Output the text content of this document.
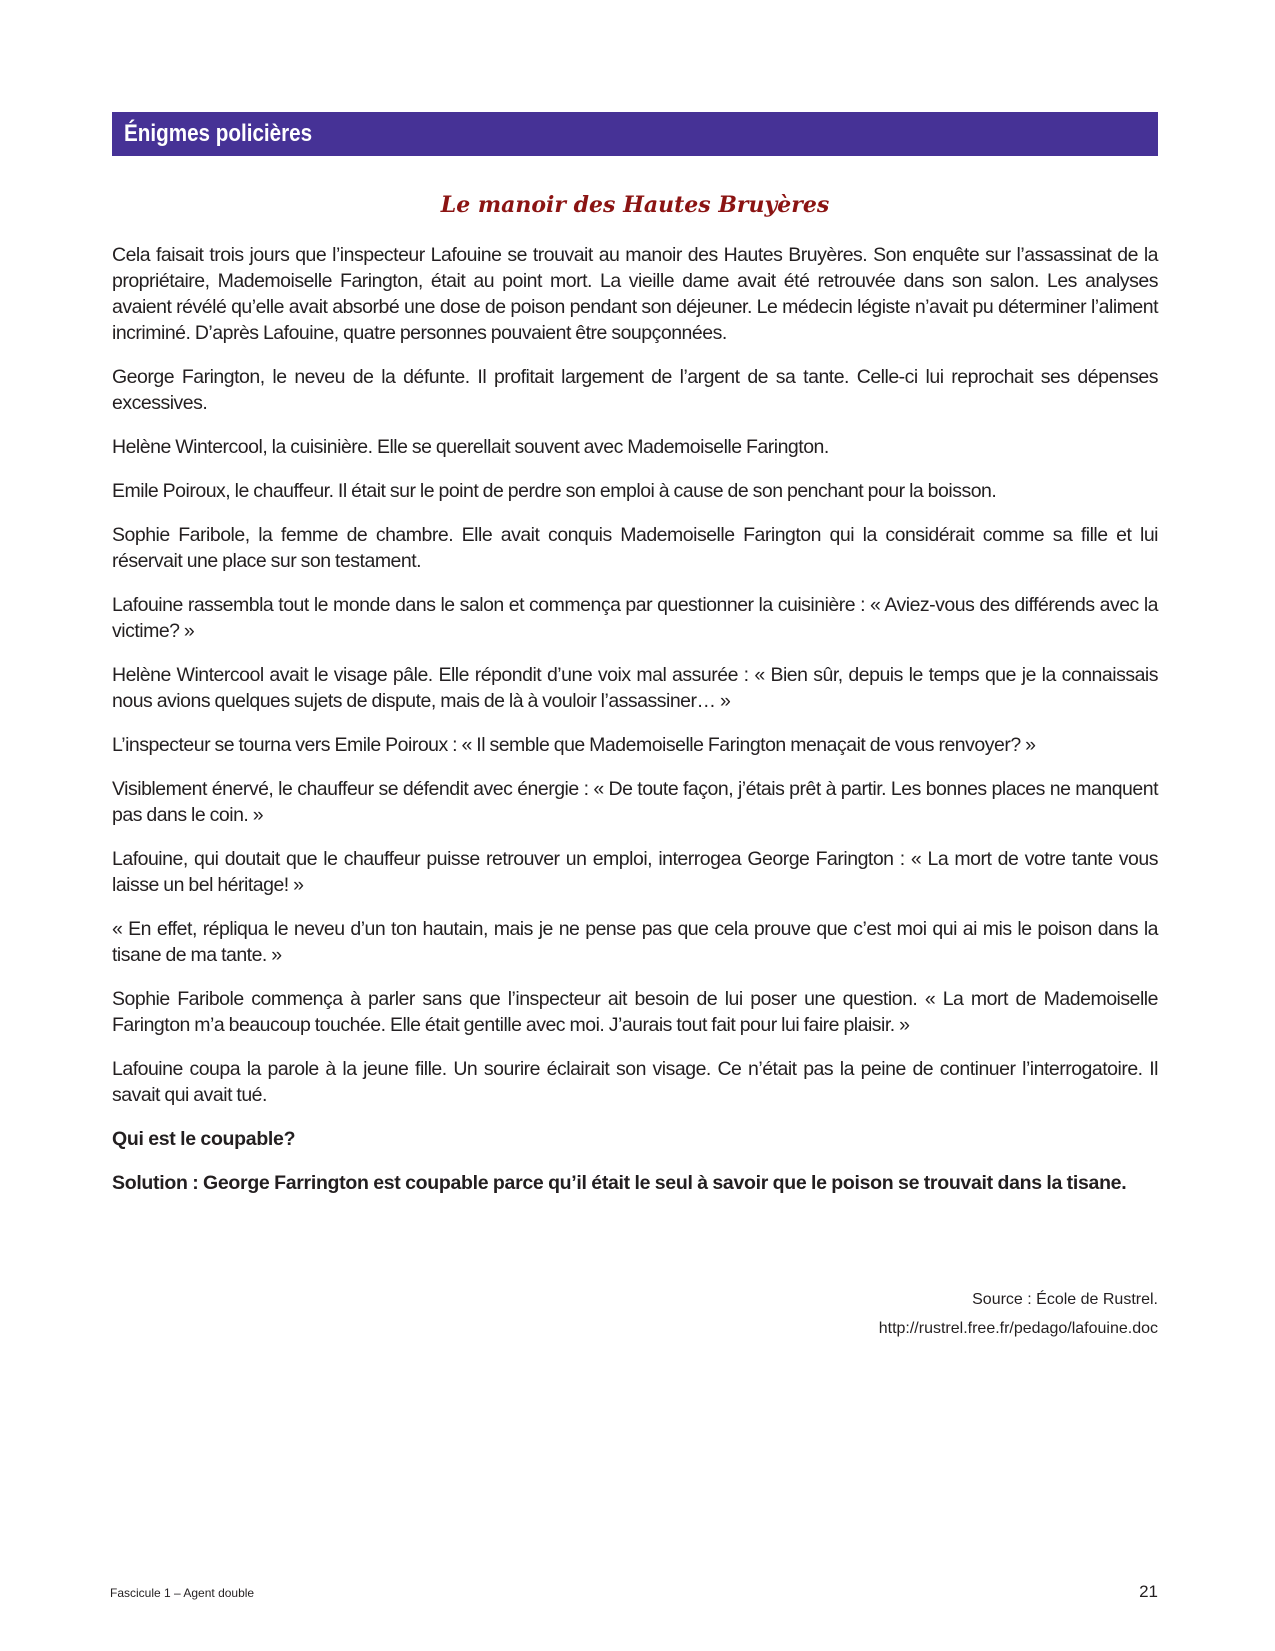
Énigmes policières
Le manoir des Hautes Bruyères

Cela faisait trois jours que l’inspecteur Lafouine se trouvait au manoir des Hautes Bruyères. Son enquête sur l’assassinat de la propriétaire, Mademoiselle Farington, était au point mort. La vieille dame avait été retrouvée dans son salon. Les analyses avaient révélé qu’elle avait absorbé une dose de poison pendant son déjeuner. Le médecin légiste n’avait pu déterminer l’aliment incriminé. D’après Lafouine, quatre personnes pouvaient être soupçonnées.

George Farington, le neveu de la défunte. Il profitait largement de l’argent de sa tante. Celle-ci lui reprochait ses dépenses excessives.

Helène Wintercool, la cuisinière. Elle se querellait souvent avec Mademoiselle Farington.

Emile Poiroux, le chauffeur. Il était sur le point de perdre son emploi à cause de son penchant pour la boisson.

Sophie Faribole, la femme de chambre. Elle avait conquis Mademoiselle Farington qui la considérait comme sa fille et lui réservait une place sur son testament.

Lafouine rassembla tout le monde dans le salon et commença par questionner la cuisinière : « Aviez-vous des différends avec la victime? »

Helène Wintercool avait le visage pâle. Elle répondit d’une voix mal assurée : « Bien sûr, depuis le temps que je la connaissais nous avions quelques sujets de dispute, mais de là à vouloir l’assassiner… »

L’inspecteur se tourna vers Emile Poiroux : « Il semble que Mademoiselle Farington menaçait de vous renvoyer? »

Visiblement énervé, le chauffeur se défendit avec énergie : « De toute façon, j’étais prêt à partir. Les bonnes places ne manquent pas dans le coin. »

Lafouine, qui doutait que le chauffeur puisse retrouver un emploi, interrogea George Farington : « La mort de votre tante vous laisse un bel héritage! »

« En effet, répliqua le neveu d’un ton hautain, mais je ne pense pas que cela prouve que c’est moi qui ai mis le poison dans la tisane de ma tante. »

Sophie Faribole commença à parler sans que l’inspecteur ait besoin de lui poser une question. « La mort de Mademoiselle Farington m’a beaucoup touchée. Elle était gentille avec moi. J’aurais tout fait pour lui faire plaisir. »

Lafouine coupa la parole à la jeune fille. Un sourire éclairait son visage. Ce n’était pas la peine de continuer l’interrogatoire. Il savait qui avait tué.

Qui est le coupable?

Solution : George Farrington est coupable parce qu’il était le seul à savoir que le poison se trouvait dans la tisane.

Source : École de Rustrel.
http://rustrel.free.fr/pedago/lafouine.doc
Fascicule 1 – Agent double	21
